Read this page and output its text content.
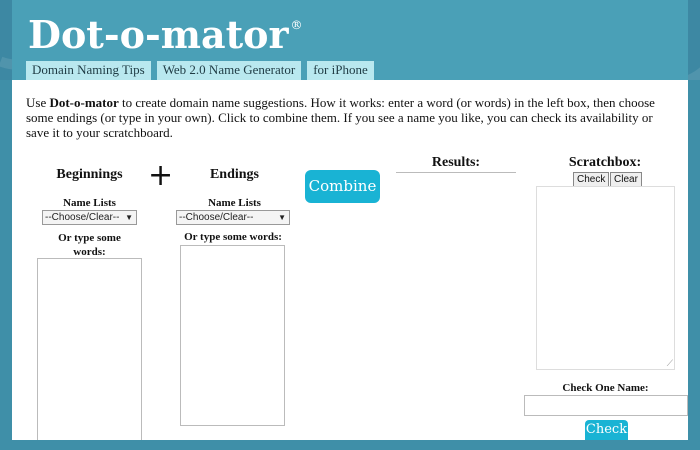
Dot-o-mator ®
Domain Naming Tips	Web 2.0 Name Generator	for iPhone

Use Dot-o-mator to create domain name suggestions. How it works: enter a word (or words) in the left box, then choose some endings (or type in your own). Click to combine them. If you see a name you like, you can check its availability or save it to your scratchboard.

Beginnings
Name Lists
--Choose/Clear-- ▼
Or type some words:
+	Endings
Name Lists
--Choose/Clear--	▼
Or type some words:
Combine
Results:	Scratchbox:
Check Clear
⟋
Check One Name:
Check
